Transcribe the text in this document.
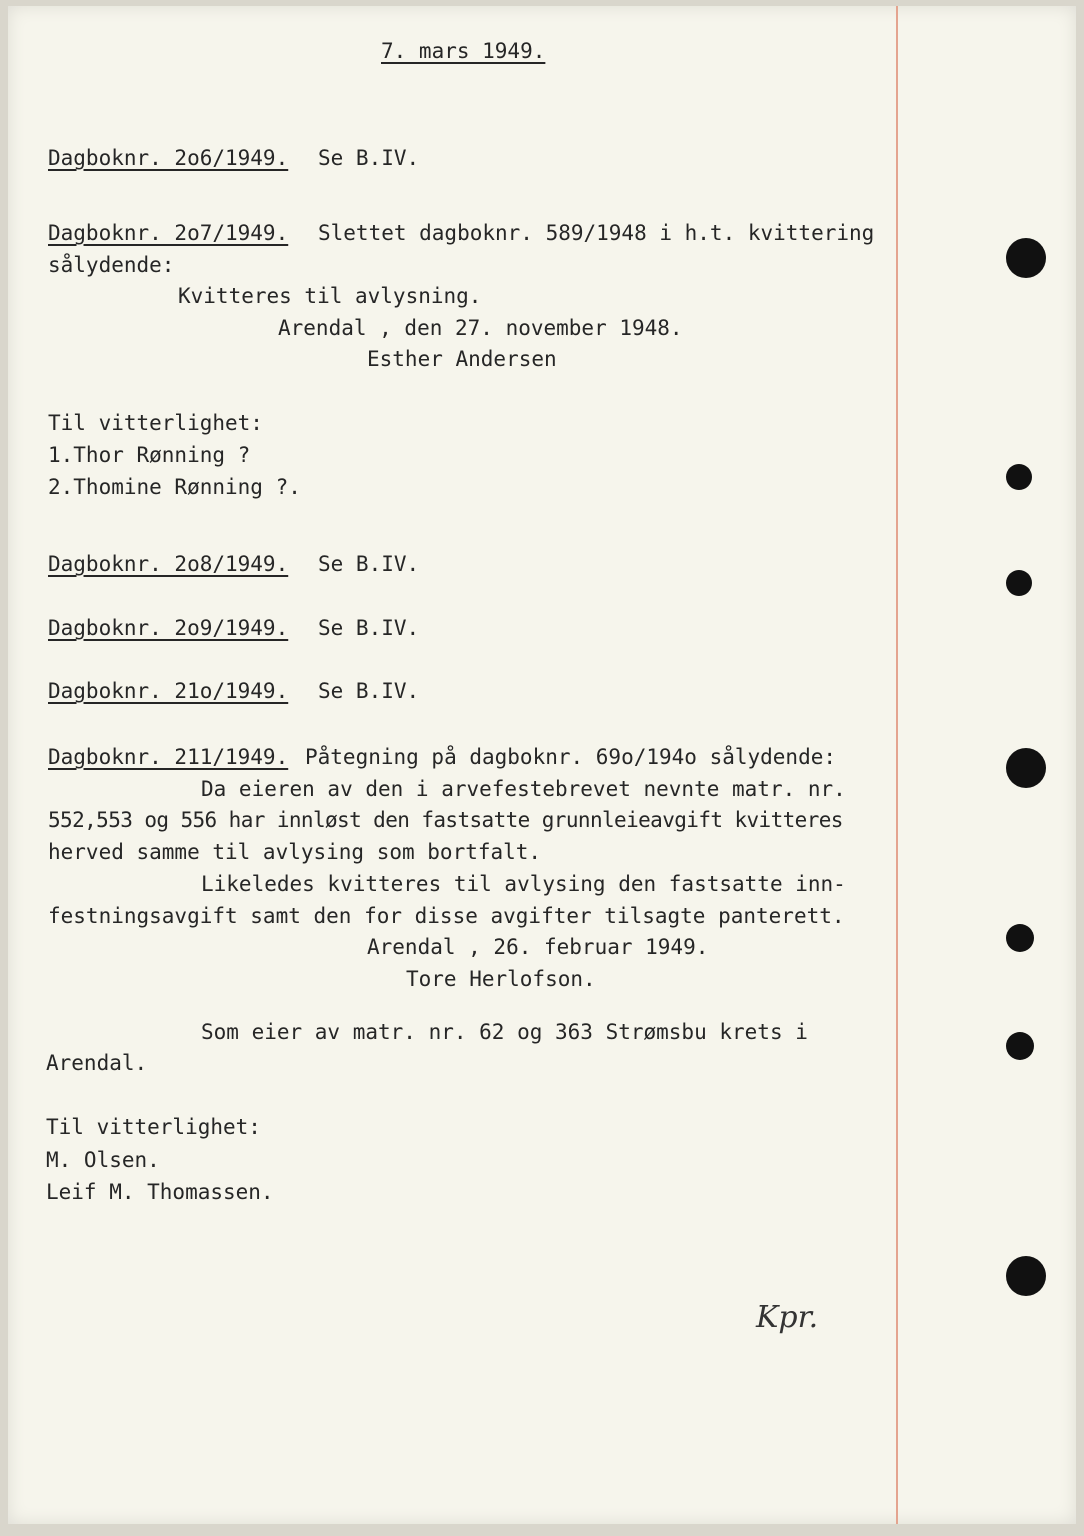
7. mars 1949.
Dagboknr. 2o6/1949. Se B.IV.
Dagboknr. 2o7/1949. Slettet dagboknr. 589/1948 i h.t. kvittering
sålydende:
Kvitteres til avlysning.
Arendal , den 27. november 1948.
Esther Andersen
Til vitterlighet:
1.Thor Rønning ?
2.Thomine Rønning ?.
Dagboknr. 2o8/1949. Se B.IV.
Dagboknr. 2o9/1949. Se B.IV.
Dagboknr. 21o/1949. Se B.IV.
Dagboknr. 211/1949. Påtegning på dagboknr. 69o/194o sålydende:
Da eieren av den i arvefestebrevet nevnte matr. nr.
552,553 og 556 har innløst den fastsatte grunnleieavgift kvitteres
herved samme til avlysing som bortfalt.
Likeledes kvitteres til avlysing den fastsatte inn-
festningsavgift samt den for disse avgifter tilsagte panterett.
Arendal , 26. februar 1949.
Tore Herlofson.
Som eier av matr. nr. 62 og 363 Strømsbu krets i
Arendal.
Til vitterlighet:
M. Olsen.
Leif M. Thomassen.
Kpr.
